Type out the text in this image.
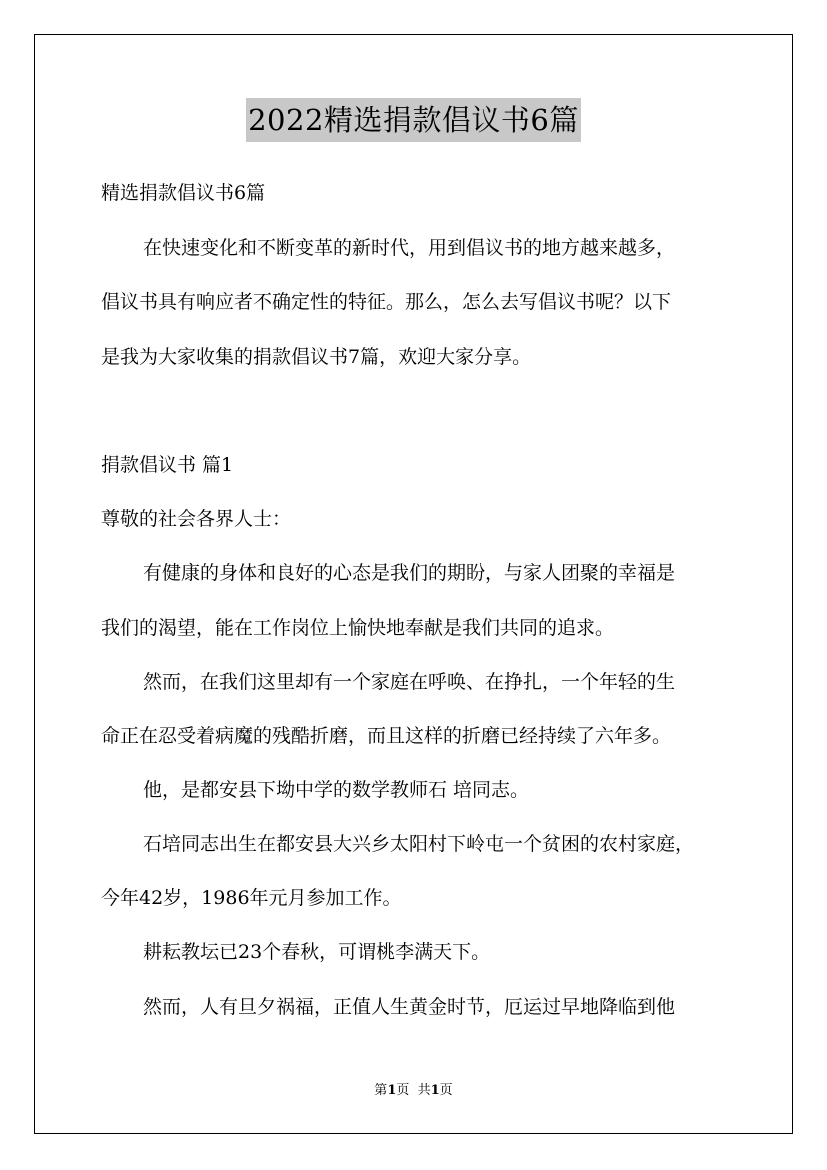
2022精选捐款倡议书6篇
精选捐款倡议书6篇
在快速变化和不断变革的新时代，用到倡议书的地方越来越多，
倡议书具有响应者不确定性的特征。那么，怎么去写倡议书呢？以下
是我为大家收集的捐款倡议书7篇，欢迎大家分享。
捐款倡议书 篇1
尊敬的社会各界人士：
有健康的身体和良好的心态是我们的期盼，与家人团聚的幸福是
我们的渴望，能在工作岗位上愉快地奉献是我们共同的追求。
然而，在我们这里却有一个家庭在呼唤、在挣扎，一个年轻的生
命正在忍受着病魔的残酷折磨，而且这样的折磨已经持续了六年多。
他，是都安县下坳中学的数学教师石 培同志。
石培同志出生在都安县大兴乡太阳村下岭屯一个贫困的农村家庭，
今年42岁，1986年元月参加工作。
耕耘教坛已23个春秋，可谓桃李满天下。
然而，人有旦夕祸福，正值人生黄金时节，厄运过早地降临到他
第1页  共1页
